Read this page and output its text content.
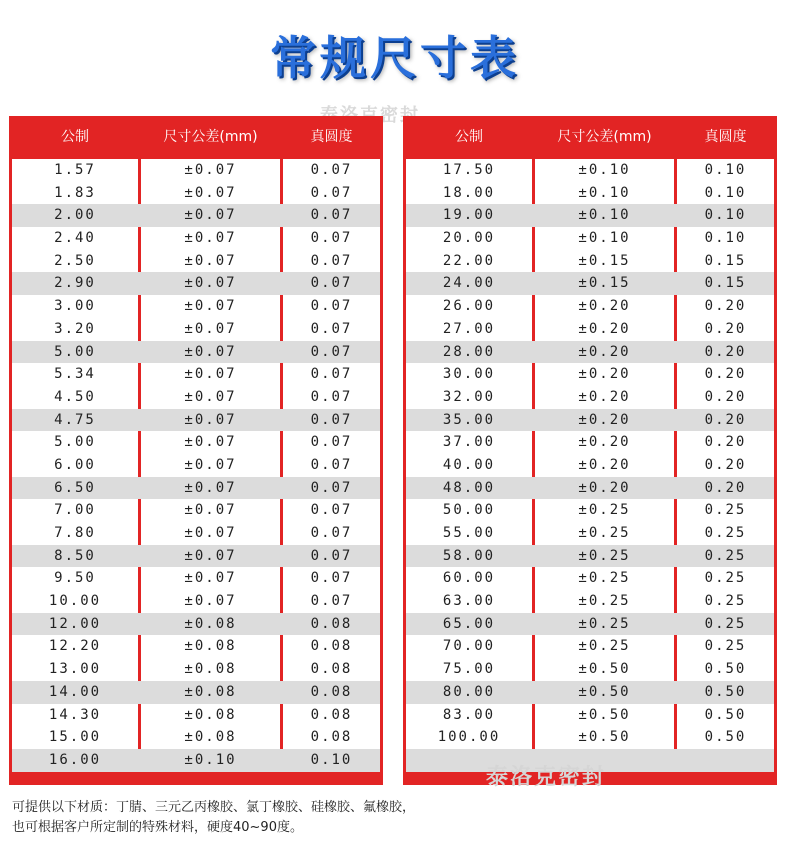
常规尺寸表
公制	尺寸公差(mm)	真圆度
1.57	±0.07	0.07
1.83	±0.07	0.07
2.00	±0.07	0.07
2.40	±0.07	0.07
2.50	±0.07	0.07
2.90	±0.07	0.07
3.00	±0.07	0.07
3.20	±0.07	0.07
5.00	±0.07	0.07
5.34	±0.07	0.07
4.50	±0.07	0.07
4.75	±0.07	0.07
5.00	±0.07	0.07
6.00	±0.07	0.07
6.50	±0.07	0.07
7.00	±0.07	0.07
7.80	±0.07	0.07
8.50	±0.07	0.07
9.50	±0.07	0.07
10.00	±0.07	0.07
12.00	±0.08	0.08
12.20	±0.08	0.08
13.00	±0.08	0.08
14.00	±0.08	0.08
14.30	±0.08	0.08
15.00	±0.08	0.08
16.00	±0.10	0.10
公制	尺寸公差(mm)	真圆度
17.50	±0.10	0.10
18.00	±0.10	0.10
19.00	±0.10	0.10
20.00	±0.10	0.10
22.00	±0.15	0.15
24.00	±0.15	0.15
26.00	±0.20	0.20
27.00	±0.20	0.20
28.00	±0.20	0.20
30.00	±0.20	0.20
32.00	±0.20	0.20
35.00	±0.20	0.20
37.00	±0.20	0.20
40.00	±0.20	0.20
48.00	±0.20	0.20
50.00	±0.25	0.25
55.00	±0.25	0.25
58.00	±0.25	0.25
60.00	±0.25	0.25
63.00	±0.25	0.25
65.00	±0.25	0.25
70.00	±0.25	0.25
75.00	±0.50	0.50
80.00	±0.50	0.50
83.00	±0.50	0.50
100.00	±0.50	0.50
泰洛克密封
可提供以下材质：丁腈、三元乙丙橡胶、氯丁橡胶、硅橡胶、氟橡胶，
也可根据客户所定制的特殊材料，硬度40~90度。
